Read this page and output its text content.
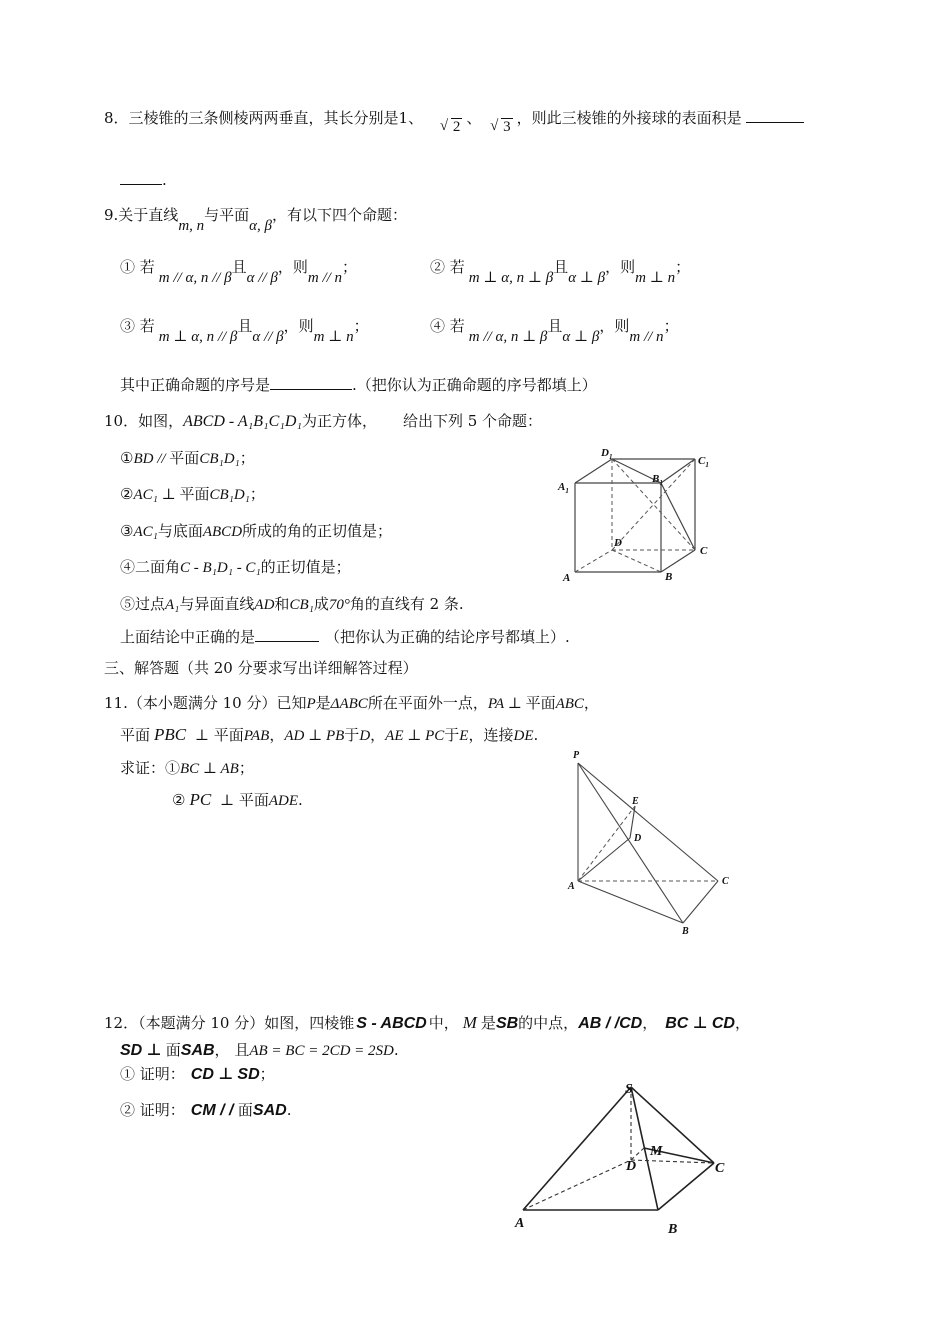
8．三棱锥的三条侧棱两两垂直，其长分别是1、 √ 2 、 √ 3 ，则此三棱锥的外接球的表面积是
.
9.关于直线m, n与平面α, β，有以下四个命题：
① 若m // α, n // β且α // β，则m // n；	② 若m ⊥ α, n ⊥ β且α ⊥ β，则m ⊥ n；
③ 若m ⊥ α, n // β且α // β，则m ⊥ n；	④ 若m // α, n ⊥ β且α ⊥ β，则m // n；
其中正确命题的序号是	.（把你认为正确命题的序号都填上）
10．如图，ABCD - A₁B₁C₁D₁为正方体， 给出下列 5 个命题：
①BD // 平面CB₁D₁；
②AC₁ ⊥ 平面CB₁D₁；
③AC₁与底面ABCD所成的角的正切值是；
④二面角C - B₁D₁ - C₁的正切值是；
⑤过点A₁与异面直线AD和CB₁成70°角的直线有 2 条.
上面结论中正确的是	（把你认为正确的结论序号都填上）.
$D_1$	$C_1$
$B_1$
$A_1$
D
C
A	B
三、解答题（共 20 分要求写出详细解答过程）
11.（本小题满分 10 分）已知P是ΔABC所在平面外一点，PA ⊥ 平面ABC，
平面 PBC ⊥ 平面PAB，AD ⊥ PB于D，AE ⊥ PC于E，连接DE.
求证：①BC ⊥ AB；
② PC ⊥ 平面ADE.
P
E
D
A	C
B
12．（本题满分 10 分）如图，四棱锥 S - ABCD 中， M 是SB的中点，AB / /CD， BC ⊥ CD，
SD ⊥ 面SAB， 且AB = BC = 2CD = 2SD.
① 证明： CD ⊥ SD；
② 证明： CM / / 面SAD.
S
M
D	C
A	B
